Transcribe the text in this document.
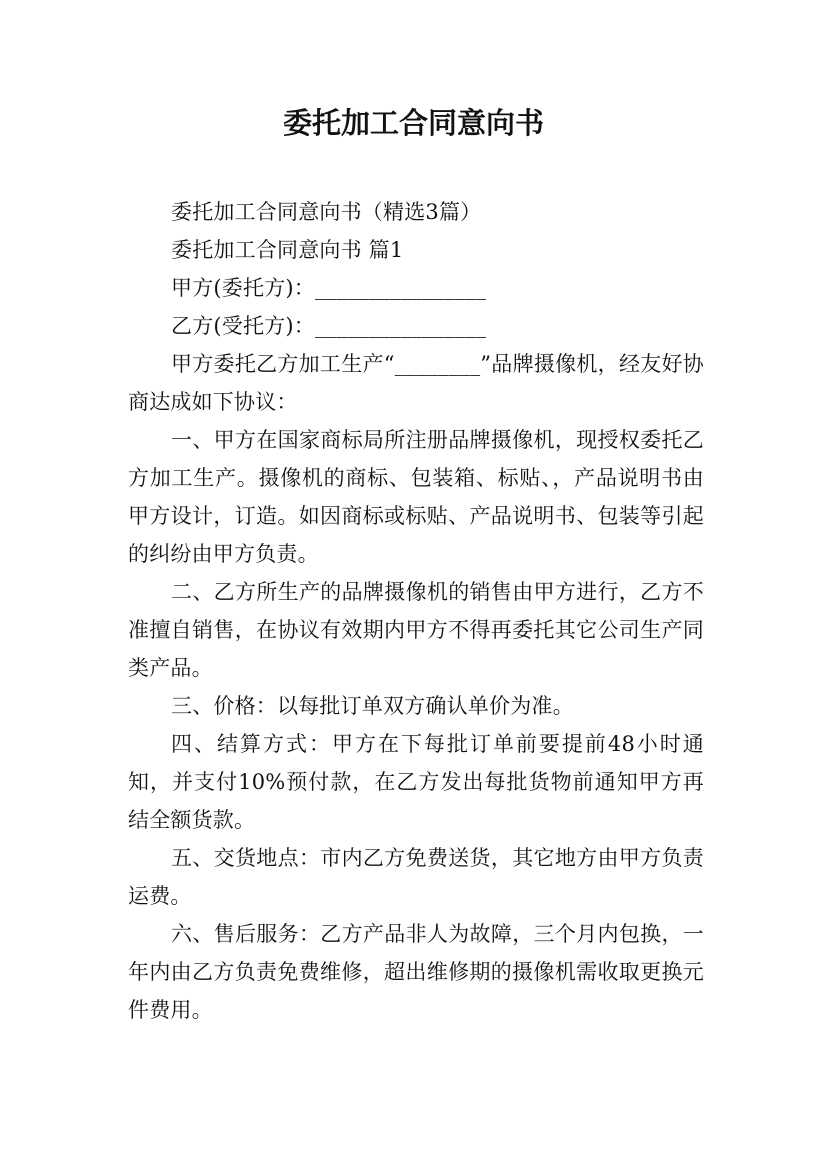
委托加工合同意向书

委托加工合同意向书（精选3篇）

委托加工合同意向书 篇1

甲方(委托方)：________________

乙方(受托方)：________________

甲方委托乙方加工生产“________”品牌摄像机，经友好协商达成如下协议：

一、甲方在国家商标局所注册品牌摄像机，现授权委托乙方加工生产。摄像机的商标、包装箱、标贴、，产品说明书由甲方设计，订造。如因商标或标贴、产品说明书、包装等引起的纠纷由甲方负责。

二、乙方所生产的品牌摄像机的销售由甲方进行，乙方不准擅自销售，在协议有效期内甲方不得再委托其它公司生产同类产品。

三、价格：以每批订单双方确认单价为准。

四、结算方式：甲方在下每批订单前要提前48小时通知，并支付10%预付款，在乙方发出每批货物前通知甲方再结全额货款。

五、交货地点：市内乙方免费送货，其它地方由甲方负责运费。

六、售后服务：乙方产品非人为故障，三个月内包换，一年内由乙方负责免费维修，超出维修期的摄像机需收取更换元件费用。
